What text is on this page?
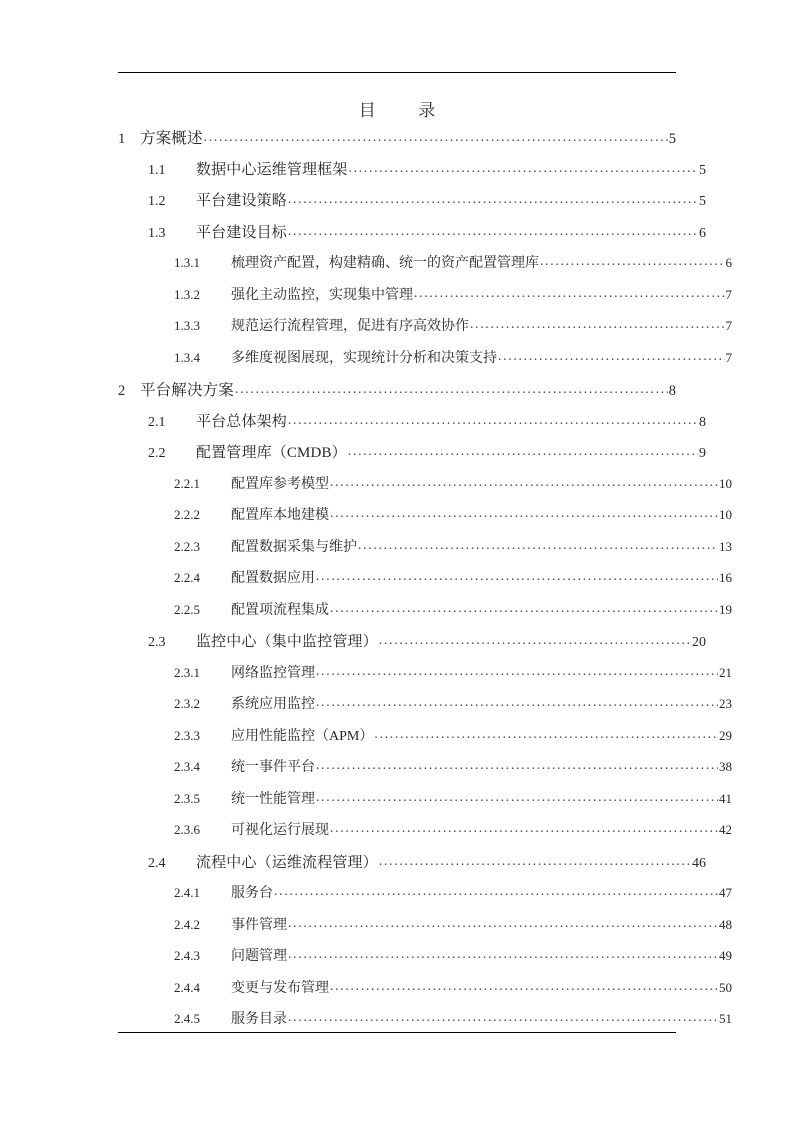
目    录
1 方案概述 . . .	5
1.1	数据中心运维管理框架 . . .	5
1.2	平台建设策略 . . .	5
1.3	平台建设目标 . . .	6
1.3.1	梳理资产配置，构建精确、统一的资产配置管理库 . . .	6
1.3.2	强化主动监控，实现集中管理 . . .	7
1.3.3	规范运行流程管理，促进有序高效协作 . . .	7
1.3.4	多维度视图展现，实现统计分析和决策支持 . . .	7
2 平台解决方案 . . .	8
2.1	平台总体架构 . . .	8
2.2	配置管理库（CMDB） . . .	9
2.2.1	配置库参考模型 . . .	10
2.2.2	配置库本地建模 . . .	10
2.2.3	配置数据采集与维护 . . .	13
2.2.4	配置数据应用 . . .	16
2.2.5	配置项流程集成 . . .	19
2.3	监控中心（集中监控管理） . . .	20
2.3.1	网络监控管理 . . .	21
2.3.2	系统应用监控 . . .	23
2.3.3	应用性能监控（APM） . . .	29
2.3.4	统一事件平台 . . .	38
2.3.5	统一性能管理 . . .	41
2.3.6	可视化运行展现 . . .	42
2.4	流程中心（运维流程管理） . . .	46
2.4.1	服务台 . . .	47
2.4.2	事件管理 . . .	48
2.4.3	问题管理 . . .	49
2.4.4	变更与发布管理 . . .	50
2.4.5	服务目录 . . .	51
